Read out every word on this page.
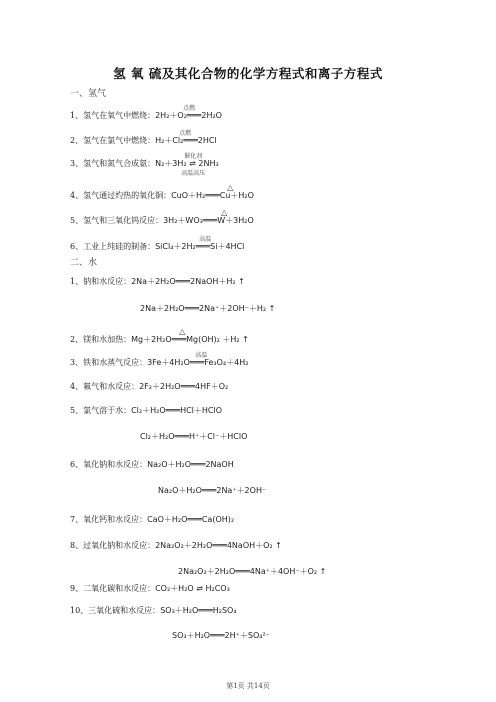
氢 氧 硫及其化合物的化学方程式和离子方程式
一、氢气
1、氢气在氧气中燃烧：
点燃
2H₂＋O₂═══2H₂O
2、氢气在氯气中燃烧：
点燃
H₂＋Cl₂═══2HCl
3、氢气和氮气合成氨：
催化剂
N₂＋3H₂ ⇌ 2NH₃
高温高压
4、氢气通过灼热的氧化铜：
△
CuO＋H₂═══Cu＋H₂O
5、氢气和三氧化钨反应：
△
3H₂＋WO₃═══W＋3H₂O
6、工业上纯硅的制备：
高温
SiCl₄＋2H₂═══Si＋4HCl
二、水
1、钠和水反应：2Na＋2H₂O═══2NaOH＋H₂ ↑
2Na＋2H₂O═══2Na⁺＋2OH⁻＋H₂ ↑
2、镁和水加热：
△
Mg＋2H₂O═══Mg(OH)₂ ＋H₂ ↑
3、铁和水蒸气反应：
高温
3Fe＋4H₂O═══Fe₃O₄＋4H₂
4、氟气和水反应：2F₂＋2H₂O═══4HF＋O₂
5、氯气溶于水：Cl₂＋H₂O═══HCl＋HClO
Cl₂＋H₂O═══H⁺＋Cl⁻＋HClO
6、氧化钠和水反应：Na₂O＋H₂O═══2NaOH
Na₂O＋H₂O═══2Na⁺＋2OH⁻
7、氧化钙和水反应：CaO＋H₂O═══Ca(OH)₂
8、过氧化钠和水反应：2Na₂O₂＋2H₂O═══4NaOH＋O₂ ↑
2Na₂O₂＋2H₂O═══4Na⁺＋4OH⁻＋O₂ ↑
9、二氧化碳和水反应：CO₂＋H₂O ⇌ H₂CO₃
10、三氧化硫和水反应：SO₃＋H₂O═══H₂SO₄
SO₃＋H₂O═══2H⁺＋SO₄²⁻
第1页 共14页
